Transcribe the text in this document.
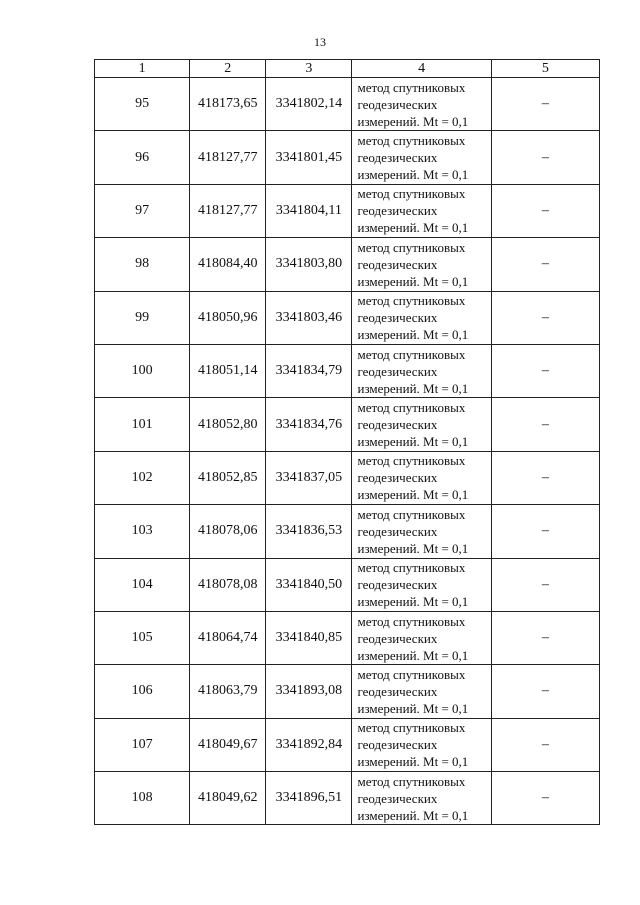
13
1	2	3	4	5
95	418173,65	3341802,14	метод спутниковых
геодезических
измерений. Mt = 0,1	–
96	418127,77	3341801,45	метод спутниковых
геодезических
измерений. Mt = 0,1	–
97	418127,77	3341804,11	метод спутниковых
геодезических
измерений. Mt = 0,1	–
98	418084,40	3341803,80	метод спутниковых
геодезических
измерений. Mt = 0,1	–
99	418050,96	3341803,46	метод спутниковых
геодезических
измерений. Mt = 0,1	–
100	418051,14	3341834,79	метод спутниковых
геодезических
измерений. Mt = 0,1	–
101	418052,80	3341834,76	метод спутниковых
геодезических
измерений. Mt = 0,1	–
102	418052,85	3341837,05	метод спутниковых
геодезических
измерений. Mt = 0,1	–
103	418078,06	3341836,53	метод спутниковых
геодезических
измерений. Mt = 0,1	–
104	418078,08	3341840,50	метод спутниковых
геодезических
измерений. Mt = 0,1	–
105	418064,74	3341840,85	метод спутниковых
геодезических
измерений. Mt = 0,1	–
106	418063,79	3341893,08	метод спутниковых
геодезических
измерений. Mt = 0,1	–
107	418049,67	3341892,84	метод спутниковых
геодезических
измерений. Mt = 0,1	–
108	418049,62	3341896,51	метод спутниковых
геодезических
измерений. Mt = 0,1	–
